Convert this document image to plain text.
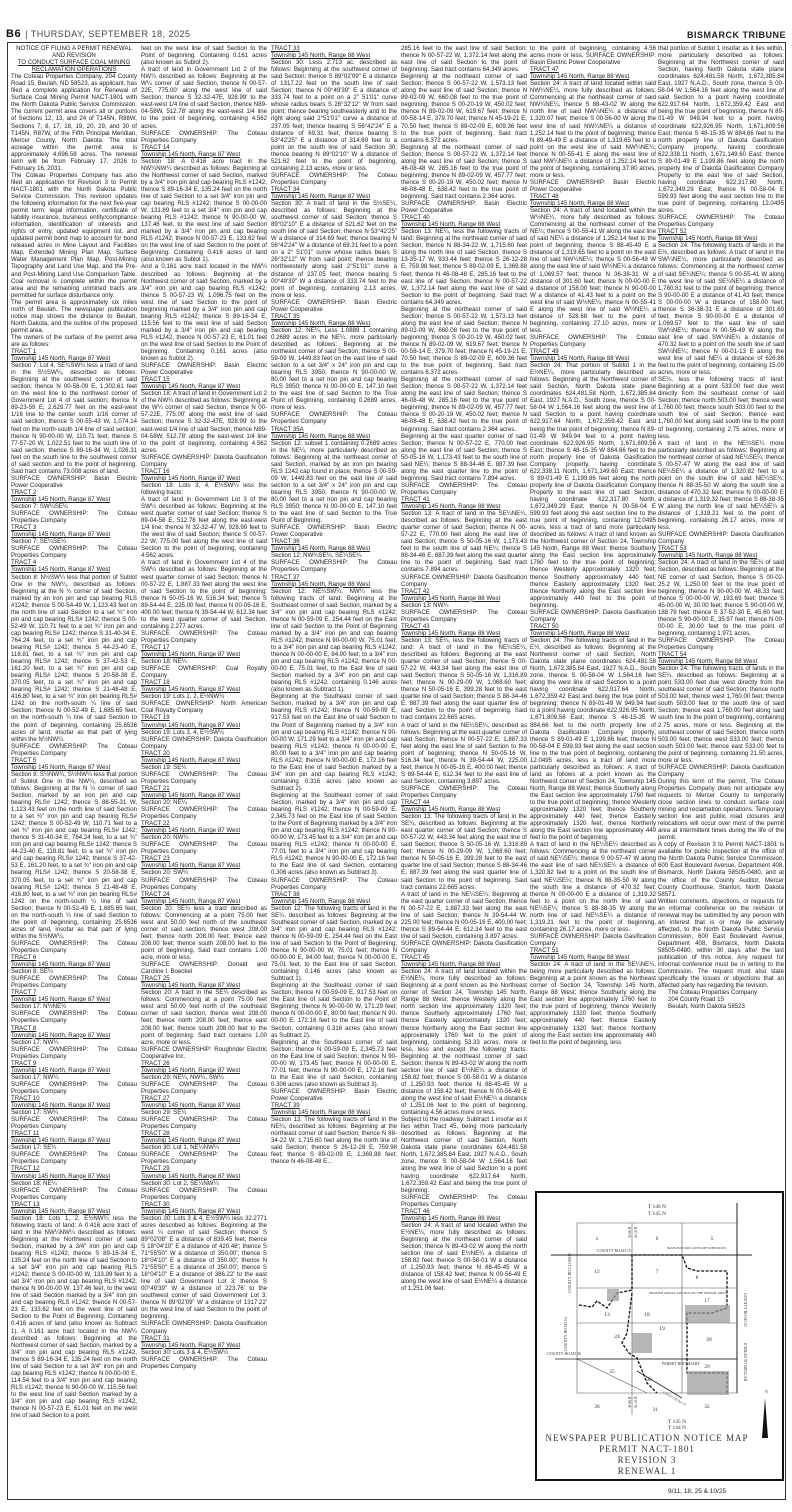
B6 | THURSDAY, SEPTEMBER 18, 2025	BISMARCK TRIBUNE
NOTICE OF FILING A PERMIT RENEWAL AND REVISION
TO CONDUCT SURFACE COAL MINING RECLAMATION OPERATIONS
The Coteau Properties Company, 204 County Road 15, Beulah, ND 58523, as applicant, has filed a complete application for Renewal of Surface Coal Mining Permit NACT-1801 with the North Dakota Public Service Commission. The current permit area covers all or portions of Sections 12, 13, and 24 of T145N, R88W, Sections 7, 8, 17, 18, 19, 20, 29, and 30 of T145N, R87W, of the Fifth Principal Meridian, Mercer County, North Dakota. The total acreage within the permit area is approximately 4,696.58 acres. The renewal term will be from February 17, 2026 to February 16, 2031.
The Coteau Properties Company has also filed an application for Revision 3 to Permit NACT-1801 with the North Dakota Public Service Commission. This revision updates the following information for the next five-year permit term; legal information, certificate of liability insurance, business entity/compliance information, identification of interests and rights of entry, updated equipment list, and updated permit bond map to account for bond released acres in Mine Layout and Facilities Map, Extended Mining Plan Map, Surface Water Management Plan Map, Post-Mining Topography and Land Use Map, and the Pre- and Post-Mining Land Use Comparison Table. Coal removal is complete within the permit area and the remaining unmined tracts are permitted for surface disturbance only.
The permit area is approximately six miles north of Beulah. The newspaper publication notice map shows the distance to Beulah, North Dakota, and the outline of the proposed permit area.
The owners of the surface of the permit area are as follows:
TRACT 1
Township 145 North, Range 87 West
Section 7: Lot 4, SE¼SW¼ less a tract of land in the S½SW¼, described as follows: Beginning at the southwest corner of said section; thence N 00-58-09 E, 1,302.61 feet on the west line to the northwest corner of Government Lot 4 of said section; thence N 89-23-59 E, 2,629.77 feet on the east-west 1/16 line to the center south 1/16 corner of said section; thence S 00-55-43 W, 1,074.14 feet on the north-south 1/4 line of said section; thence N 90-00-00 W, 110.71 feet; thence S 77-57-20 W, 1,022.51 feet to the south line of said section; thence S 89-16-34 W, 1,026.31 feet on the south line to the southwest corner of said section and to the point of beginning. Said tract contains 73.008 acres of land.
SURFACE OWNERSHIP: Basin Electric Power Cooperative
TRACT 2
Township 145 North, Range 87 West
Section 7: SW¼SE¼
SURFACE OWNERSHIP: The Coteau Properties Company
TRACT 3
Township 145 North, Range 87 West
Section 7: SE¼SE¼
SURFACE OWNERSHIP: The Coteau Properties Company
TRACT 4
Township 145 North, Range 87 West
Section 8: N½SW¼ less that portion of Sublot One in the NW¼, described as follows: Beginning at the N ¼ corner of said Section, marked by an iron pin and cap bearing RLS #1242; thence S 00-54-49 W, 1,123.43 feet on the north line of said Section to a set ¾" iron pin and cap bearing RLS# 1242; thence S 00-52-49 W, 110.71 feet to a set ¾" iron pin and cap bearing RLS# 1242; thence S 31-40-34 E, 764.24 feet, to a set ¾" iron pin and cap bearing RLS# 1242; thence S 44-23-40 E, 118.81 feet, to a set ¾" iron pin and cap bearing RLS# 1242; thence S 37-42-53 E, 161.20 feet, to a set ¾" iron pin and cap bearing RLS# 1242; thence S 20-58-38 E, 370.05 feet, to a set ¾" iron pin and cap bearing RLS# 1242; thence S 21-48-48 E, 416.80 feet, to a set ¾" iron pin bearing RLS# 1242 on the north-south ¼ line of said Section; thence N 00-52-49 E, 1,685.65 feet, on the north-south ¼ line of said Section to the point of beginning, containing 25.6536 acres of land, insofar as that part of lying within the N½NW¼.
SURFACE OWNERSHIP: The Coteau Properties Company
TRACT 5
Township 145 North, Range 87 West
Section 8: S½NW¼, S½NW¼ less that portion of Sublot One in the NW¼, described as follows: Beginning at the N ¼ corner of said Section, marked by an iron pin and cap bearing RLS# 1242; thence S 88-55-31 W, 1,123.43 feet on the north line of said Section to a set ¾" iron pin and cap bearing RLS# 1242; thence S 00-52-49 W, 110.71 feet to a set ¾" iron pin and cap bearing RLS# 1242; thence S 31-40-34 E, 764.24 feet, to a set ¾" iron pin and cap bearing RLS# 1242; thence S 44-23-40 E, 118.81 feet, to a set ¾" iron pin and cap bearing RLS# 1242; thence S 37-42-53 E, 161.20 feet, to a set ¾" iron pin and cap bearing RLS# 1242; thence S 20-58-38 E, 370.05 feet, to a set ¾" iron pin and cap bearing RLS# 1242; thence S 21-48-48 E, 416.80 feet, to a set ¾" iron pin bearing RLS# 1242 on the north-south ¼ line of said Section; thence N 00-52-49 E, 1,685.65 feet, on the north-south ¼ line of said Section to the point of beginning, containing 25.6536 acres of land, insofar as that part of lying within the S½NW¼.
SURFACE OWNERSHIP: The Coteau Properties Company
TRACT 6
Township 145 North, Range 87 West
Section 8: SE¼
SURFACE OWNERSHIP: The Coteau Properties Company
TRACT 7
Township 145 North, Range 87 West
Section 17: N½NE¼
SURFACE OWNERSHIP: The Coteau Properties Company
TRACT 8
Township 145 North, Range 87 West
Section 17: NW¼
SURFACE OWNERSHIP: The Coteau Properties Company
TRACT 9
Township 145 North, Range 87 West
Section 17: NW¼
SURFACE OWNERSHIP: The Coteau Properties Company
TRACT 10
Township 145 North, Range 87 West
Section 17: SW¼
SURFACE OWNERSHIP: The Coteau Properties Company
TRACT 11
Township 145 North, Range 87 West
Section 17: SE¼
SURFACE OWNERSHIP: The Coteau Properties Company
TRACT 12
Township 145 North, Range 87 West
Section 18: NE¼
SURFACE OWNERSHIP: The Coteau Properties Company
TRACT 13
Township 145 North, Range 87 West
Section 18: Lots 1, 2, E½NW¼ less the following tracts of land: A 0.416 acre tract of land in the NW¼NW¼ described as follows: Beginning at the Northwest corner of said Section, marked by a 3/4" iron pin and cap bearing RLS #1242; thence S 89-16-34 E, 135.24 feet on the north line of said Section to a set 3/4" iron pin and cap bearing RLS #1242; thence S 00-00-00 W, 133.99 feet to a set 3/4" iron pin and cap bearing RLS #1242; thence N 90-00-00 W, 137.46 feet, to the west line of said Section marked by a 3/4" iron pin and cap bearing RLS #1242; thence N 00-57-23 E, 133.62 feet on the west line of said Section to the Point of Beginning. Containing 0.416 acres of land (also known as Subtract 1). A 0.161 acre tract located in the NW¼ described as follows: Beginning at the Northwest corner of said Section, marked by a 3/4" iron pin and cap bearing RLS #1242, thence S 89-16-34 E, 135.24 feet on the north line of said Section to a set 3/4" iron pin and cap bearing RLS #1242; thence N 00-00-00 E, 114.54 feet to a 3/4" iron pin and cap bearing RLS #1242; thence N 90-00-00 W, 115.56 feet to the west line of said Section marked by a 3/4" iron pin and cap bearing RLS #1242, thence N 00-57-23 E, 61.01 feet on the west line of said Section to a point.
feet on the west line of said Section to the Point of beginning. Containing 0.161 acres (also known as Sublot 2).
A tract of land in Government Lot 2 of the NW¼ described as follows: Beginning at the W¼ corner of said Section, thence N 00-57-22E, 775.00' along the west line of said Section; thence S 32-32-47E, 928.99' to the east-west 1/4 line of said Section, thence N89-04-58W, 512.78' along the east-west 1/4 line to the point of beginning, containing 4.562 acres.
SURFACE OWNERSHIP: The Coteau Properties Company
TRACT 14
Township 145 North, Range 87 West
Section 18: A 0.416 acre tract in the NW¼NW¼ described as follows: Beginning at the Northwest corner of said Section, marked by a 3/4" iron pin and cap bearing RLS #1242; thence S 89-16-34 E, 135.24 feet on the north line of said Section to a set 3/4" iron pin and cap bearing RLS #1242; thence S 00-00-00 W, 131.89 feet to a set 3/4" iron pin and cap bearing RLS #1242; thence N 90-00-00 W, 137.46 feet, to the west line of said Section marked by a 3/4" iron pin and cap bearing RLS #1242; thence N 00-57-23 E, 133.62 feet on the west line of said Section to the point of Beginning. Containing 0.416 acres of land (also known as Sublot 1).
And a 0.161 acre tract located in the NW¼ described as follows: Beginning at the Northwest corner of said Section, marked by a 3/4" iron pin and cap bearing RLS #1242; thence S 00-57-23 W, 1,096.75 feet on the west line of said Section to the point of beginning marked by a 3/4" iron pin and cap bearing RLS #1242; thence S 89-16-34 E, 115.56 feet to the west line of said Section marked by a 3/4" iron pin and cap bearing RLS #1242, thence N 00-57-23 E, 61.01 feet on the west line of said Section to the Point of beginning. Containing 0.161 acres (also known as Sublot 2).
SURFACE OWNERSHIP: Basin Electric Power Cooperative
TRACT 15
Township 145 North, Range 87 West
Section 18: A tract of land in Government Lot 2 of the NW¼ described as follows: Beginning at the W¼ corner of said Section, thence N 00-57-22E, 775.00' along the west line of said Section; thence S 32-32-47E, 928.99' to the east-west 1/4 line of said Section; thence N89-04-58W, 512.78' along the east-west 1/4 line to the point of beginning, containing 4.562 acres.
SURFACE OWNERSHIP: Dakota Gasification Company
TRACT 16
Township 145 North, Range 87 West
Section 18: Lots 3, 4, E½SW¼ less the following tracts:
A tract of land in Government Lot 3 of the SW¼ described as follows: Beginning at the west quarter corner of said Section; thence S 89-04-58 E, 512.78 feet along the east-west 1/4 line; thence N 32-32-47 W, 928.99 feet to the west line of said Section; thence S 00-57-22 W, 775.00 feet along the west line of said Section to the point of beginning, containing 4.562 acres.
A tract of land in Government Lot 4 of the SW¼ described as follows: Beginning at the west quarter corner of said Section; thence N 00-57-22 E, 1,887.33 feet along the west line of said Section to the point of beginning; thence N 50-05-16 W, 516.34 feet; thence S 89-54-44 E, 225.00 feet; thence N 00-05-16 E, 400.00 feet; thence N 39-54-44 W, 612.34 feet to the west quarter corner of said Section, containing 2.277 acres.
SURFACE OWNERSHIP: The Coteau Properties Company
TRACT 17
Township 145 North, Range 87 West
Section 18: NE¼
SURFACE OWNERSHIP: Coal Royalty Company
TRACT 18
Township 145 North, Range 87 West
Section 19: Lots 1, 2, E½NW¼
SURFACE OWNERSHIP: North American Coal Royalty Company
TRACT 19
Township 145 North, Range 87 West
Section 19: Lots 3, 4, E½SW¼
SURFACE OWNERSHIP: Dakota Gasification Company
TRACT 20
Township 145 North, Range 87 West
Section 19: SE¼
SURFACE OWNERSHIP: The Coteau Properties Company
TRACT 21
Township 145 North, Range 87 West
Section 20: NE¼
SURFACE OWNERSHIP: The Coteau Properties Company
TRACT 22
Township 145 North, Range 87 West
Section 20: NW¼
SURFACE OWNERSHIP: The Coteau Properties Company
TRACT 23
Township 145 North, Range 87 West
Section 20: SW¼
SURFACE OWNERSHIP: The Coteau Properties Company
TRACT 24
Township 145 North, Range 87 West
Section 20: SE¼ less a tract described as follows: Commencing at a point 75.00 feet west and 50.00 feet north of the southeast corner of said section; thence west 208.00 feet; thence north 208.00 feet; thence east 208.00 feet; thence south 208.00 feet to the point of beginning. Said tract contains 1.00 acre, more or less.
SURFACE OWNERSHIP: Donald and Caroline I. Boeckel
TRACT 25
Township 145 North, Range 87 West
Section 20: A tract in the SE¼ described as follows: Commencing at a point 75.00 feet west and 50.00 feet north of the southeast corner of said section; thence west 208.00 feet; thence north 208.00 feet; thence east 208.00 feet; thence south 208.00 feet to the point of beginning. Said tract contains 1.00 acre, more or less.
SURFACE OWNERSHIP: Roughrider Electric Cooperative Inc.
TRACT 26
Township 145 North, Range 87 West
Section 29: NE¼, NW¼, SW¼
SURFACE OWNERSHIP: The Coteau Properties Company
TRACT 27
Township 145 North, Range 87 West
Section 29: SE¼
SURFACE OWNERSHIP: The Coteau Properties Company
TRACT 28
Township 145 North, Range 87 West
Section 30: Lot 1, NE¼NW¼
SURFACE OWNERSHIP: The Coteau Properties Company
TRACT 29
Township 145 North, Range 87 West
Section 30: Lot 2, SE¼NW¼
SURFACE OWNERSHIP: The Coteau Properties Company
TRACT 30
Township 145 North, Range 87 West
Section 30: Lots 3 & 4, E½SW¼ less 32.2771 acres described as follows: Beginning at the west ¼ corner of said Section; thence S 89°02'08" E a distance of 839.45 feet; thence S 18°04'10" E a distance of 420.48'; thence S 71°55'50" W a distance of 350.00'; thence S 18°04'10" E a distance of 350.00'; thence N 71°55'50" E a distance of 350.00'; thence S 18°04'10" E a distance of 386.22' to the east line of said Government Lot 3; thence S 00°49'39" W a distance of 223.76' to the southwest corner of said Government Lot 3; thence N 89°02'09" W a distance of 1317.22' on the west line of said Section to the point of beginning.
SURFACE OWNERSHIP: Dakota Gasification Company
TRACT 31
Township 145 North, Range 87 West
Section 30: Lots 3 & 4, E½SW¼
SURFACE OWNERSHIP: The Coteau Properties Company
TRACT 33
Township 145 North, Range 88 West
Section 30: Less 2.713 ac. described as follows: Beginning at the southwest corner of said Section; thence S 89°02'09" E a distance of 1317.22 feet on the south line of said Section; thence N 00°49'39" E a distance of 333.74 feet to a point on a 2" 51'01" curve whose radius bears S 26°32'12" W from said point; thence bearing southeasterly and to the right along said 2°51'01" curve a distance of 237.05 feet; thence bearing S 56°42'24" E a distance of 69.31 feet; thence bearing S 53°42'25" E a distance of 314.69 feet to a point on the south line of said Section 30; thence bearing N 89°02'10" W a distance of 521.62 feet to the point of beginning, containing 2.13 acres, more or less.
SURFACE OWNERSHIP: The Coteau Properties Company
TRACT 34
Township 145 North, Range 87 West
Section 30: A tract of land in the S½SE¼, described as follows: Beginning at the southwest corner of said Section; thence S 89°02'10" E a distance of 521.62 feet on the south line of said Section; thence N 53°42'25" W a distance of 314.69 feet; thence bearing N 56°42'24" W a distance of 69.31 feet to a point on a 2° 51'01" curve whose radius bears S 26°32'12" W from said point; thence bearing northwesterly along said 2°51'01" curve a distance of 237.05 feet; thence bearing S 00°49'39" W a distance of 333.74 feet to the point of beginning, containing 2.13 acres, more or less.
SURFACE OWNERSHIP: Basin Electric Power Cooperative
TRACT 35
Township 145 North, Range 88 West
Section 12: NE¼, Less 1.0889 1 containing 0.2689 acres in the NE¼, more particularly described as follows: Beginning at the northeast corner of said Section; thence S 00-59-09 W, 1449.83 feet on the east line of said section to a set 3/4" x 24" iron pin and cap bearing RLS 3950; thence N 90-00-00 W, 80.00 feet to a set iron pin and cap bearing RLS 3950; thence N 00-00-00 E, 147.10 feet to the east line of said Section to the True Point of Beginning, containing 0.2689 acres, more or less.
SURFACE OWNERSHIP: The Coteau Properties Company
TRACT 35A
Township 145 North, Range 88 West
Section 12: subset 1 containing 0.2689 acres in the NE¼, more particularly described as follows: Beginning at the northeast corner of said Section, marked by an iron pin bearing RLS 1242 cap found in place; thence S 00-59-09 W, 1449.83 feet on the east line of said section to a set 3/4" x 24" iron pin and cap bearing RLS 3950; thence N 90-00-00 W, 80.00 feet to a set iron pin and cap bearing RLS 3950; thence N 00-00-00 E, 147.10 feet to the east line of said Section to the True Point of Beginning.
SURFACE OWNERSHIP: Basin Electric Power Cooperative
TRACT 36
Township 145 North, Range 88 West
Section 12: NW¼SE¼, SE¼SE¼
SURFACE OWNERSHIP: The Coteau Properties Company
TRACT 37
Township 145 North, Range 88 West
Section 12: NE¼SW¼, NW¼ less the following tracts of land: Beginning at the Southeast corner of said Section, marked by a 3/4" iron pin and cap bearing RLS #1242; thence N 00-59-09 E, 254.44 feet on the East line of said Section to the Point of Beginning marked by a 3/4" iron pin and cap bearing RLS #1242; thence N 90-00-00 W, 75.01 feet; to a 3/4" iron pin and cap bearing RLS #1242; thence N 00-00-00 E, 84.00 feet; to a 3/4" iron pin and cap bearing RLS #1242; thence N 00-00-00 E, 75.01 feet, to the East line of said Section marked by a 3/4" iron pin and cap bearing RLS #1242, containing 0.146 acres (also known as Subtract 1).
Beginning at the Southeast corner of said Section, marked by a 3/4" iron pin and cap bearing RLS #1242; thence N 00-59-09 E, 917.53 feet on the East line of said Section to the Point of Beginning marked by a 3/4" iron pin and cap bearing RLS #1242; thence N 90-00-00 W, 171.29 feet to a 3/4" iron pin and cap bearing RLS #1242; thence N 00-00-00 E, 80.00 feet to a 3/4" iron pin and cap bearing RLS #1242; thence N 90-00-00 E, 172.16 feet to the East line of said Section marked by a 3/4" iron pin and cap bearing RLS #1242, containing 0.316 acres (also known as Subtract 2).
Beginning at the Southeast corner of said Section, marked by a 3/4" iron pin and cap bearing RLS #1242; thence N 00-59-09 E, 2,345.73 feet on the East line of said Section to the Point of Beginning marked by a 3/4" iron pin and cap bearing RLS #1242; thence N 90-00-00 W, 173.45 feet to a 3/4" iron pin and cap bearing RLS #1242; thence N 00-00-00 E, 77.01 feet to a 3/4" iron pin and cap bearing RLS #1242; thence N 90-00-00 E, 172.16 feet to the East line of said Section, containing 0.306 acres (also known as Subtract 3).
SURFACE OWNERSHIP: The Coteau Properties Company
TRACT 38
Township 145 North, Range 88 West
Section 12: The following tracts of land in the SE¼, described as follows: Beginning at the Southeast corner of said Section, marked by a 3/4" iron pin and cap bearing RLS #1242; thence N 00-59-09 E, 254.44 feet on the East line of said Section to the Point of Beginning; thence N 90-00-00 W, 75.01 feet; thence N 00-00-00 E, 84.00 feet; thence N 00-00-00 E, 75.01 feet, to the East line of said Section, containing 0.146 acres (also known as Subtract 1).
Beginning at the Southeast corner of said Section; thence N 00-59-09 E, 917.53 feet on the East line of said Section to the Point of Beginning; thence N 90-00-00 W, 171.29 feet; thence N 00-00-00 E, 80.00 feet; thence N 90-00-00 E, 172.16 feet to the East line of said Section, containing 0.316 acres (also known as Subtract 2).
Beginning at the Southeast corner of said Section; thence N 00-59-09 E, 2,345.73 feet on the East line of said Section; thence N 90-00-00 W, 173.45 feet; thence N 00-00-00 E, 77.01 feet; thence N 90-00-00 E, 172.16 feet to the East line of said Section, containing 0.306 acres (also known as Subtract 3).
SURFACE OWNERSHIP: Basin Electric Power Cooperative
TRACT 39
Township 145 North, Range 88 West
Section 13: The following tracts of land in the NE¼, described as follows: Beginning at the northeast corner of said Section; thence N 88-34-22 W, 1,715.60 feet along the north line of said Section; thence S 26-12-28 E, 759.98 feet; thence S 89-02-09 E, 1,369.88 feet; thence N 46-08-48 E...
285.16 feet to the east line of said Section; thence N 00-57-22 W, 1,372.14 feet along the east line of said Section to the point of beginning. Said tract contains 64.349 acres.
Beginning at the northeast corner of said Section; thence S 00-57-22 W, 1,573.13 feet along the east line of said Section; thence N 89-02-09 W, 660.08 feet to the true point of beginning; thence S 00-20-19 W, 450.02 feet; thence N 89-02-09 W, 619.67 feet; thence N 00-58-14 E, 379.70 feet; thence N 45-19-21 E, 70.50 feet; thence S 89-02-09 E, 609.36 feet to the true point of beginning. Said tract contains 6.372 acres.
Beginning at the northeast corner of said Section; thence S 00-57-22 W, 1,372.14 feet along the east line of said Section; thence S 46-08-48 W, 285.16 feet to the true point of beginning; thence N 89-02-09 W, 457.77 feet; thence S 00-20-19 W, 450.02 feet; thence N 46-08-48 E, 638.42 feet to the true point of beginning. Said tract contains 2.364 acres.
SURFACE OWNERSHIP: Basin Electric Power Cooperative
TRACT 40
Township 145 North, Range 88 West
Section 13: NE¼, less the following tracts of land: Beginning at the northeast corner of said Section; thence N 88-34-22 W, 1,715.60 feet along the north line of said Section; thence S 13-35-17 W, 933.44 feet; thence S 26-12-28 E, 759.98 feet; thence S 89-02-09 E, 1,369.88 feet; thence N 46-08-48 E, 285.16 feet to the east line of said Section; thence N 00-57-22 W, 1,372.14 feet along the east line of said Section to the point of beginning. Said tract contains 64.349 acres.
Beginning at the northeast corner of said Section; thence S 00-57-22 W, 1,573.13 feet along the east line of said Section; thence N 89-02-09 W, 660.08 feet to the true point of beginning; thence S 00-20-19 W, 450.02 feet; thence N 89-02-09 W, 619.67 feet; thence N 00-58-14 E, 379.70 feet; thence N 45-19-21 E, 70.50 feet; thence S 89-02-09 E, 609.36 feet to the true point of beginning. Said tract contains 6.372 acres.
Beginning at the northeast corner of said Section; thence S 00-57-22 W, 1,372.14 feet along the east line of said Section; thence S 46-08-48 W, 285.16 feet to the true point of beginning; thence N 89-02-09 W, 457.77 feet; thence S 00-20-19 W, 450.02 feet; thence N 46-08-48 E, 638.42 feet to the true point of beginning. Said tract contains 2.364 acres.
Beginning at the east quarter corner of said Section; thence N 00-57-22 E, 770.00 feet along the east line of said Section; thence S 50-05-16 W, 1,173.43 feet to the south line of said NE¼; thence S 88-34-46 E, 887.39 feet along the east quarter line to the point of beginning. Said tract contains 7.894 acres.
SURFACE OWNERSHIP: The Coteau Properties Company
TRACT 41
Township 145 North, Range 88 West
Section 13: A tract of land in the SE¼NE¼, described as follows: Beginning at the east quarter corner of said Section; thence N 00-57-22 E, 770.00 feet along the east line of said Section; thence S 50-05-16 W, 1,173.43 feet to the south line of said NE¼; thence S 88-34-46 E, 887.39 feet along the east quarter line to the point of beginning. Said tract contains 7.894 acres.
SURFACE OWNERSHIP: Dakota Gasification Company
TRACT 42
Township 145 North, Range 88 West
Section 13: NW¼
SURFACE OWNERSHIP: The Coteau Properties Company
TRACT 43
Township 145 North, Range 88 West
Section 13: SE¼, less the following tracts of land: A tract of land in the NE¼SE¼, described as follows: Beginning at the east quarter corner of said Section; thence S 00-57-22 W, 443.34 feet along the east line of said Section; thence S 50-05-16 W, 1,316.89 feet; thence N 00-29-09 W, 1,068.60 feet; thence N 50-05-16 E, 399.28 feet to the east quarter line of said Section; thence S 88-34-46 E, 887.39 feet along the east quarter line of said Section to the point of beginning. Said tract contains 22.665 acres.
A tract of land in the NE¼SE¼, described as follows: Beginning at the east quarter corner of said Section; thence N 00-57-22 E, 1,887.33 feet along the east line of said Section to the point of beginning; thence N 50-05-16 W, 516.34 feet; thence N 39-54-44 W, 225.00 feet; thence N 00-05-16 E, 400.00 feet; thence S 89-54-44 E, 612.34 feet to the east line of said Section, containing 3.897 acres.
SURFACE OWNERSHIP: The Coteau Properties Company
TRACT 44
Township 145 North, Range 88 West
Section 13: The following tracts of land in the SE¼, described as follows: Beginning at the east quarter corner of said Section; thence S 00-57-22 W, 443.34 feet along the east line of said Section; thence S 50-05-16 W, 1,316.89 feet; thence N 00-29-09 W, 1,068.60 feet; thence N 50-05-16 E, 399.28 feet to the east quarter line of said Section; thence S 88-34-46 E, 887.39 feet along the east quarter line of said Section to the point of beginning. Said tract contains 22.665 acres.
A tract of land in the NE¼SE¼: Beginning at the east quarter corner of said Section; thence N 00-57-22 E, 1,887.33 feet along the east line of said Section; thence N 39-54-44 W, 225.00 feet; thence N 00-05-16 E, 400.00 feet; thence S 89-54-44 E, 612.34 feet to the east line of said Section, containing 3.897 acres.
SURFACE OWNERSHIP: Dakota Gasification Company
TRACT 45
Township 145 North, Range 88 West
Section 24: A tract of land located within the E½NE¼, more fully described as follows: Beginning at a point known as the Northeast corner of Section 24, Township 145 North, Range 88 West; thence Westerly along the north section line approximately 1320 feet; thence Southerly approximately 1760 feet; thence Easterly approximately 1320 feet; thence Northerly along the East section line approximately 1760 feet to the point of beginning, containing 53.33 acres, more or less, less and except the following tracts: Beginning at the northeast corner of said Section; thence N 89-43-02 W along the north section line of said E½NE¼ a distance of 158.82 feet; thence S 00-58-01 W a distance of 1,250.93 feet; thence N 88-45-45 W a distance of 158.42 feet; thence N 00-56-49 E along the west line of said E½NE¼ a distance of 1,251.06 feet to the point of beginning, containing 4.56 acres more or less.
Subject to the roadway: Subtract 1 insofar as it lies within Tract 45, being more particularly described as follows: Beginning at the Northwest corner of said Section, North Dakota state plane coordinates 624,481.58 North, 1,672,385.84 East, 1927 N.A.D., South zone, thence S 00-58-04 W 1,564.16 feet along the west line of said Section to a point having coordinate 622,917.64 North, 1,672,359.42 East and being the true point of beginning.
SURFACE OWNERSHIP: The Coteau Properties Company
TRACT 46
Township 145 North, Range 88 West
Section 24: A tract of land located within the E½NE¼, more fully described as follows: Beginning at the northeast corner of said Section; thence N 89-43-02 W along the north section line of said E½NE¼ a distance of 158.82 feet; thence S 00-58-01 W a distance of 1,250.93 feet; thence N 88-45-45 W a distance of 158.42 feet; thence N 00-56-49 E along the west line of said E½NE¼ a distance of 1,251.06 feet.
to the point of beginning, containing 4.56 acres more or less, SURFACE OWNERSHIP: Basin Electric Power Cooperative
TRACT 47
Township 145 North, Range 88 West
Section 24: A tract of land located within said NW¼NE¼, more fully described as follows: Commencing at the northeast corner of said NW¼NE¼, thence S 88-43-02 W along the north line of said NW¼NE¼ a distance of 1,320.07 feet; thence S 00-56-00 W along the west line of said NW¼NE¼ a distance of 1,252.14 feet to the point of beginning; thence N 89-49-49 E a distance of 1,319.65 feet to a point on the west line of said NW¼NE¼; thence N 00-55-41 E along the west line of said NW¼NE¼ a distance of 1,252.14 feet to the point of beginning, containing 37.80 acres, more or less.
SURFACE OWNERSHIP: Basin Electric Power Cooperative
TRACT 48
Township 145 North, Range 88 West
Section 24: A tract of land located within the W½NE¼, more fully described as follows: Commencing at the northeast corner of the NE¼; thence S 00-55-41 W along the east line of said NE¼ a distance of 1,252.14 feet to the point of beginning; thence S 88-45-49 E a distance of 1,319.65 feet to a point on the east line of said NW¼NE¼; thence S 00-56-49 W along the east line of said W½NE¼ a distance of 1,069.57 feet; thence N 36-38-31 W a distance of 301.60 feet; thence N 00-00-00 E a distance of 158.00 feet; thence N 90-00-00 W a distance of 41.43 feet to a point on the west line of said W½NE¼; thence N 00-55-41 E along the west line of said W½NE¼ a distance of 528.68 feet to the point of beginning, containing 27.10 acres, more or less.
SURFACE OWNERSHIP: The Coteau Properties Company
TRACT 49
Township 145 North, Range 88 West
Section 24: That portion of Sublot 1 in the E½NE¼, more particularly described as follows: Beginning at the Northwest corner of said Section, North Dakota state plane coordinates 624,481.58 North, 1,672,385.84 East, 1927 N.A.D., South zone, thence S 00-58-04 W 1,564.16 feet along the west line of said Section to a point having coordinate 622,917.64 North, 1,672,359.42 East and being the true point of beginning; thence N 89-01-49 W 949.94 feet to a point having coordinate 622,926.95 North, 1,671,809.56 East; thence S 48-15-35 W 884.66 feet to the north property line of Dakota Gasification Company property, having coordinate 622,338.11 North, 1,671,149.60 East; thence S 89-01-49 E 1,199.86 feet along the north property line of Dakota Gasification Company Property to the east line of said Section, having coordinate 622,317.80 North, 1,672,349.29 East; thence N 00-58-04 E 599.93 feet along the east section line to the true point of beginning, containing 12.0495 acres, less a tract of land more particularly described as follows: A tract of land known as the Northwest corner of Section 24, Township 145 North, Range 88 West; thence Southerly along the East section line approximately 1760 feet to the true point of beginning; thence Westerly approximately 1320 feet; thence Southerly approximately 440 feet; thence Easterly approximately 1320 feet; thence Northerly along the East section line approximately 440 feet to the point of beginning.
SURFACE OWNERSHIP: Dakota Gasification Company
TRACT 50
Township 145 North, Range 88 West
Section 24: The following tracts of land in the E½, described as follows: Beginning at the Northwest corner of said Section, North Dakota state plane coordinates 624,481.58 North, 1,672,385.84 East, 1927 N.A.D., South zone, thence S 00-58-04 W 1,564.16 feet along the west line of said Section to a point having coordinate 622,917.64 North, 1,672,359.42 East and being the true point of beginning; thence N 89-01-49 W 949.94 feet to a point having coordinate 622,926.95 North, 1,671,809.56 East; thence S 48-15-35 W 884.66 feet to the north property line of Dakota Gasification Company property; thence S 89-01-49 E 1,199.86 feet; thence N 00-58-04 E 599.93 feet along the east section line to the true point of beginning, containing 12.0495 acres, less a tract of land more particularly described as follows: A tract of land as follows at a point known as the Northwest corner of Section 24, Township 145 North, Range 88 West; thence Southerly along the East section line approximately 1760 feet to the true point of beginning; thence Westerly approximately 1320 feet; thence Southerly approximately 440 feet; thence Easterly approximately 1320 feet; thence Northerly along the East section line approximately 440 feet to the point of beginning.
A tract of land in the NE¼SE¼ described as follows: Commencing at the northeast corner of said NE¼SE¼; thence S 00-57-47 W along the east line of said NE¼SE¼ a distance of 1,320.82 feet to a point on the south line of said NE¼SE¼; thence N 88-35-50 W along the south line a distance of 470.32 feet; thence N 00-00-00 E a distance of 1,319.32 feet to a point on the north line of said NE¼SE¼; thence S 88-38-35 W along the north line of said NE¼SE¼ a distance of 1,319.21 feet to the point of beginning, containing 26.17 acres, more or less.
SURFACE OWNERSHIP: Dakota Gasification Company
TRACT 51
Township 145 North, Range 88 West
Section 24: A tract of land in the SE¼NE¼, being more particularly described as follows: Beginning at a point known as the Northeast corner of Section 24, Township 145 North, Range 88 West; thence Southerly along the East section line approximately 1760 feet to the true point of beginning; thence Westerly approximately 1320 feet; thence Southerly approximately 440 feet; thence Easterly approximately 1320 feet; thence Northerly along the East section line approximately 440 feet to the point of beginning, less
that portion of Sublot 1 insofar as it lies within, more particularly described as follows: Beginning at the Northwest corner of said Section, having North Dakota state plane coordinates 624,481.58 North, 1,672,385.84 East, 1927 N.A.D., South zone, thence S 00-58-04 W 1,564.16 feet along the west line of said Section to a point having coordinate 622,917.64 North, 1,672,359.42 East and being the true point of beginning, thence N 89-01-49 W 949.94 feet to a point having coordinate 622,926.95 North, 1,671,809.56 East; thence S 48-15-35 W 884.66 feet to the north property line of Dakota Gasification Company property, having coordinate 622,338.11 North, 1,671,149.60 East; thence S 89-01-49 E 1,199.86 feet along the north property line of Dakota Gasification Company Property to the east line of said Section, having coordinate 622,317.80 North, 1,672,349.29 East; thence N 00-58-04 E 599.93 feet along the east section line to the true point of beginning, containing 12.0495 acres.
SURFACE OWNERSHIP: The Coteau Properties Company
TRACT 52
Township 145 North, Range 88 West
Section 24: The following tracts of lands in the E½, described as follows: A tract of land in the SW¼NE¼, more particularly described as follows: Commencing at the northwest corner of said SE¼NE¼; thence S 00-55-41 W along the west line of said SE¼NE¼ a distance of 1,780.81 feet to the point of beginning; thence S 90-00-00 E a distance of 41.43 feet; thence S 00-00-00 W a distance of 158.00 feet; thence S 36-38-31 E a distance of 301.60 feet; thence S 90-00-00 E a distance of 1,069.57 feet to the east line of said SW¼NE¼; thence N 00-56-49 W along the east line of said SW¼NE¼ a distance of 470.32 feet to a point on the south line of said SW¼NE¼; thence N 00-01-13 E along the west line of said NE¼ a distance of 626.86 feet to the point of beginning, containing 15.00 acres, more or less.
SE¼, less the following tracts of land: Beginning at a point 533.00 feet due west directly from the southeast corner of said Section; thence north 503.00 feet; thence west 1,760.00 feet; thence south 503.00 feet to the south line of said Section; thence east 1,760.00 feet along said south line to the point of beginning, containing 2.75 acres, more or less.
A tract of land in the NE¼SE¼ more particularly described as follows: Beginning at the northeast corner of said NE¼SE¼; thence S 00-57-47 W along the east line of said NE¼SE¼ a distance of 1,320.82 feet to a point on the south line of said NE¼SE¼; thence N 88-35-50 W along the south line a distance of 470.32 feet; thence N 00-00-00 E a distance of 1,319.32 feet; thence S 88-38-35 W along the north line of said NE¼SE¼ a distance of 1,319.21 feet to the point of beginning, containing 26.17 acres, more or less.
SURFACE OWNERSHIP: Dakota Gasification Company
TRACT 53
Township 145 North, Range 88 West
Section 24: A tract of land in the SE¼ of said Section, described as follows: Beginning at the NE corner of said Section, thence S 00-02-25.2 W, 1,250.00 feet to the true point of beginning; thence N 90-00-00 W, 48.33 feet; thence S 00-00-00 W, 193.69 feet; thence S 45-00-00 W, 30.00 feet; thence S 90-00-00 W, 188.79 feet; thence S 37-52-30 E, 45.60 feet; thence S 90-00-00 E, 35.97 feet; thence N 00-00-00 E, 30.00 feet to the true point of beginning, containing 1.971 acres.
SURFACE OWNERSHIP: The Coteau Properties Company
TRACT 54
Township 145 North, Range 88 West
Section 24: The following tracts of lands in the SE¼, described as follows: Beginning at a point 533.00 feet due west directly from the southeast corner of said Section; thence north 503.00 feet; thence west 1,760.00 feet; thence south 503.00 feet to the south line of said Section; thence east 1,760.00 feet along said south line to the point of beginning, containing 2.75 acres, more or less. Beginning at the southeast corner of said Section; thence north 503.00 feet; thence west 533.00 feet; thence south 503.00 feet; thence east 533.00 feet to the point of beginning, containing 21.50 acres, more or less.
SURFACE OWNERSHIP: Dakota Gasification Company
During this term of the permit, The Coteau Properties Company does not anticipate any requests to Mercer County to temporarily close section lines to conduct surface coal mining and reclamation operations. Temporary section line and public road closures and relocations will occur over most of the permit area at intermittent times during the life of the permit.
A copy of Revision 3 to Permit NACT-1801 is available for public inspection at the office of the North Dakota Public Service Commission, 600 East Boulevard Avenue, Department 408, Bismarck, North Dakota 58505-0480, and at the office of the County Auditor, Mercer County Courthouse, Stanton, North Dakota 58571.
Written comments, objections, or requests for an informal conference on the revision or renewal may be submitted by any person with an interest that is or may be adversely affected, to the North Dakota Public Service Commission, 600 East Boulevard Avenue, Department 408, Bismarck, North Dakota 58505-0480, within 30 days after the last publication of this notice. Any request for informal conference must be in writing to the Commission. The request must also state specifically the issues or objections that an affected party has regarding the revision.
The Coteau Properties Company
204 County Road 15
Beulah, North Dakota 58523
T 146 N
T 145 N
1	6	5
12	7
8
13	18
17
24
19
20
25
30
29
36	31	32
T 145 N
T 144 N
R 88 W R 87 W
R 88 W R 87 W
COUNTY ROAD 15	BASIN ELECTRIC ANTELOPE SUBSTATION
SHADED AREAS ARE NOT IN THE PERMIT AREA
COUNTY ROAD 26
PERMIT BOUNDARY
COUNTY ROAD 26
COUNTY ROAD 21
6 MILES TO BEULAH
COUNTY RD CLOSED
COUNTY ROAD 15
N
NEWSPAPER PUBLICATION NOTICE MAP
PERMIT NACT-1801
REVISION 3
RENEWAL 1
9/11, 18, 25 & 10/25
